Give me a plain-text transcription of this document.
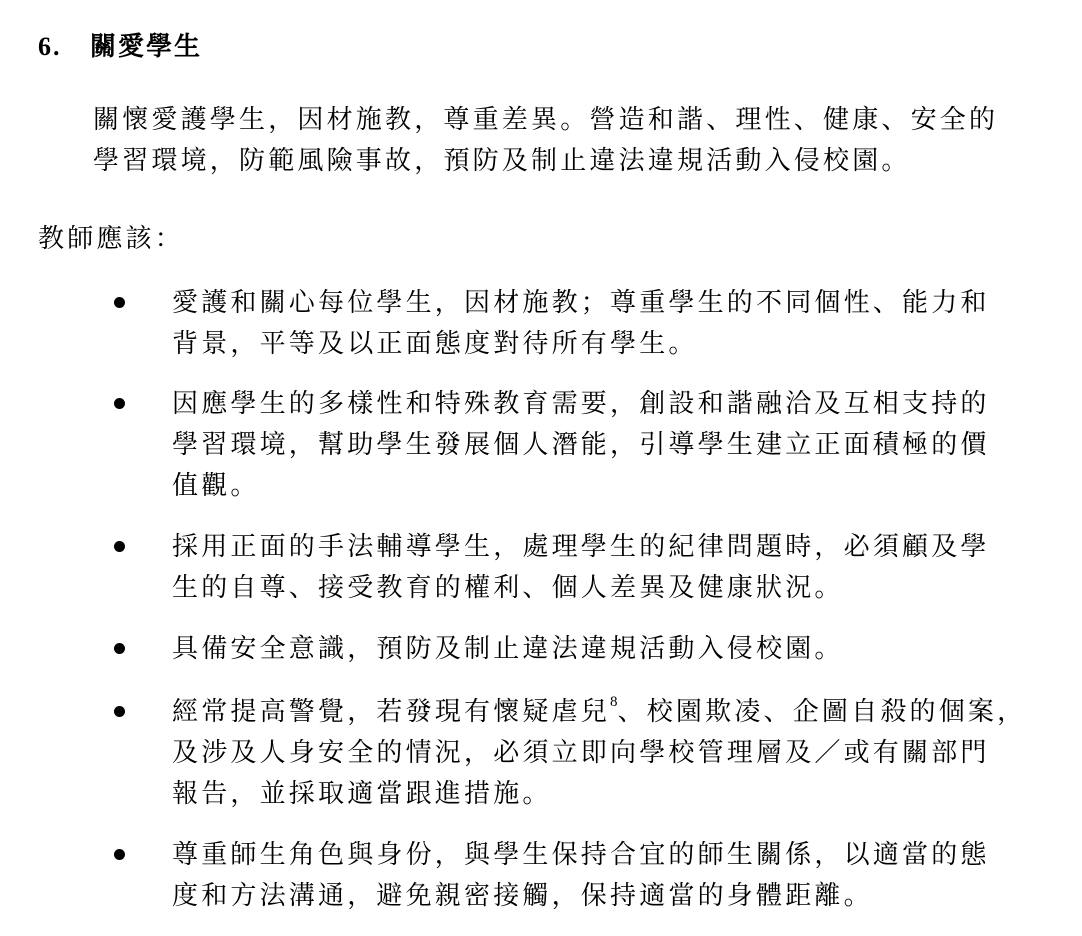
6. 關愛學生

關懷愛護學生，因材施教，尊重差異。營造和諧、理性、健康、安全的

學習環境，防範風險事故，預防及制止違法違規活動入侵校園。

教師應該：
愛護和關心每位學生，因材施教；尊重學生的不同個性、能力和
背景，平等及以正面態度對待所有學生。
因應學生的多樣性和特殊教育需要，創設和諧融洽及互相支持的
學習環境，幫助學生發展個人潛能，引導學生建立正面積極的價
值觀。
採用正面的手法輔導學生，處理學生的紀律問題時，必須顧及學
生的自尊、接受教育的權利、個人差異及健康狀況。
具備安全意識，預防及制止違法違規活動入侵校園。
經常提高警覺，若發現有懷疑虐兒$^8$、校園欺凌、企圖自殺的個案，
及涉及人身安全的情況，必須立即向學校管理層及／或有關部門
報告，並採取適當跟進措施。
尊重師生角色與身份，與學生保持合宜的師生關係，以適當的態
度和方法溝通，避免親密接觸，保持適當的身體距離。
